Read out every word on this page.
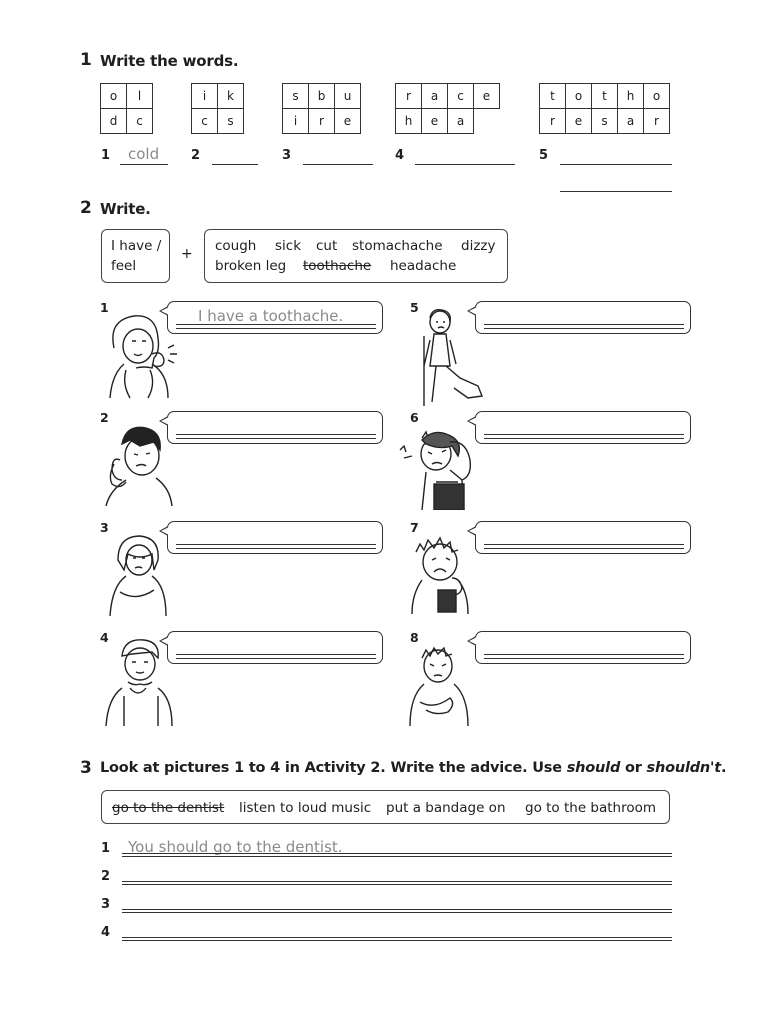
1 Write the words.
o	l
d	c
i	k
c	s
s	b	u
i	r	e
r	a	c	e
h	e	a	
t	o	t	h	o
r	e	s	a	r
1 cold 2	3	4	5
2 Write.
I have /
feel
+ cough sick cut stomachache dizzy
broken leg toothache headache
1
2
3
4
5
6
7
8
I have a toothache.
3 Look at pictures 1 to 4 in Activity 2. Write the advice. Use should or shouldn't.
go to the dentist listen to loud music put a bandage on go to the bathroom
1 You should go to the dentist.
2
3
4
